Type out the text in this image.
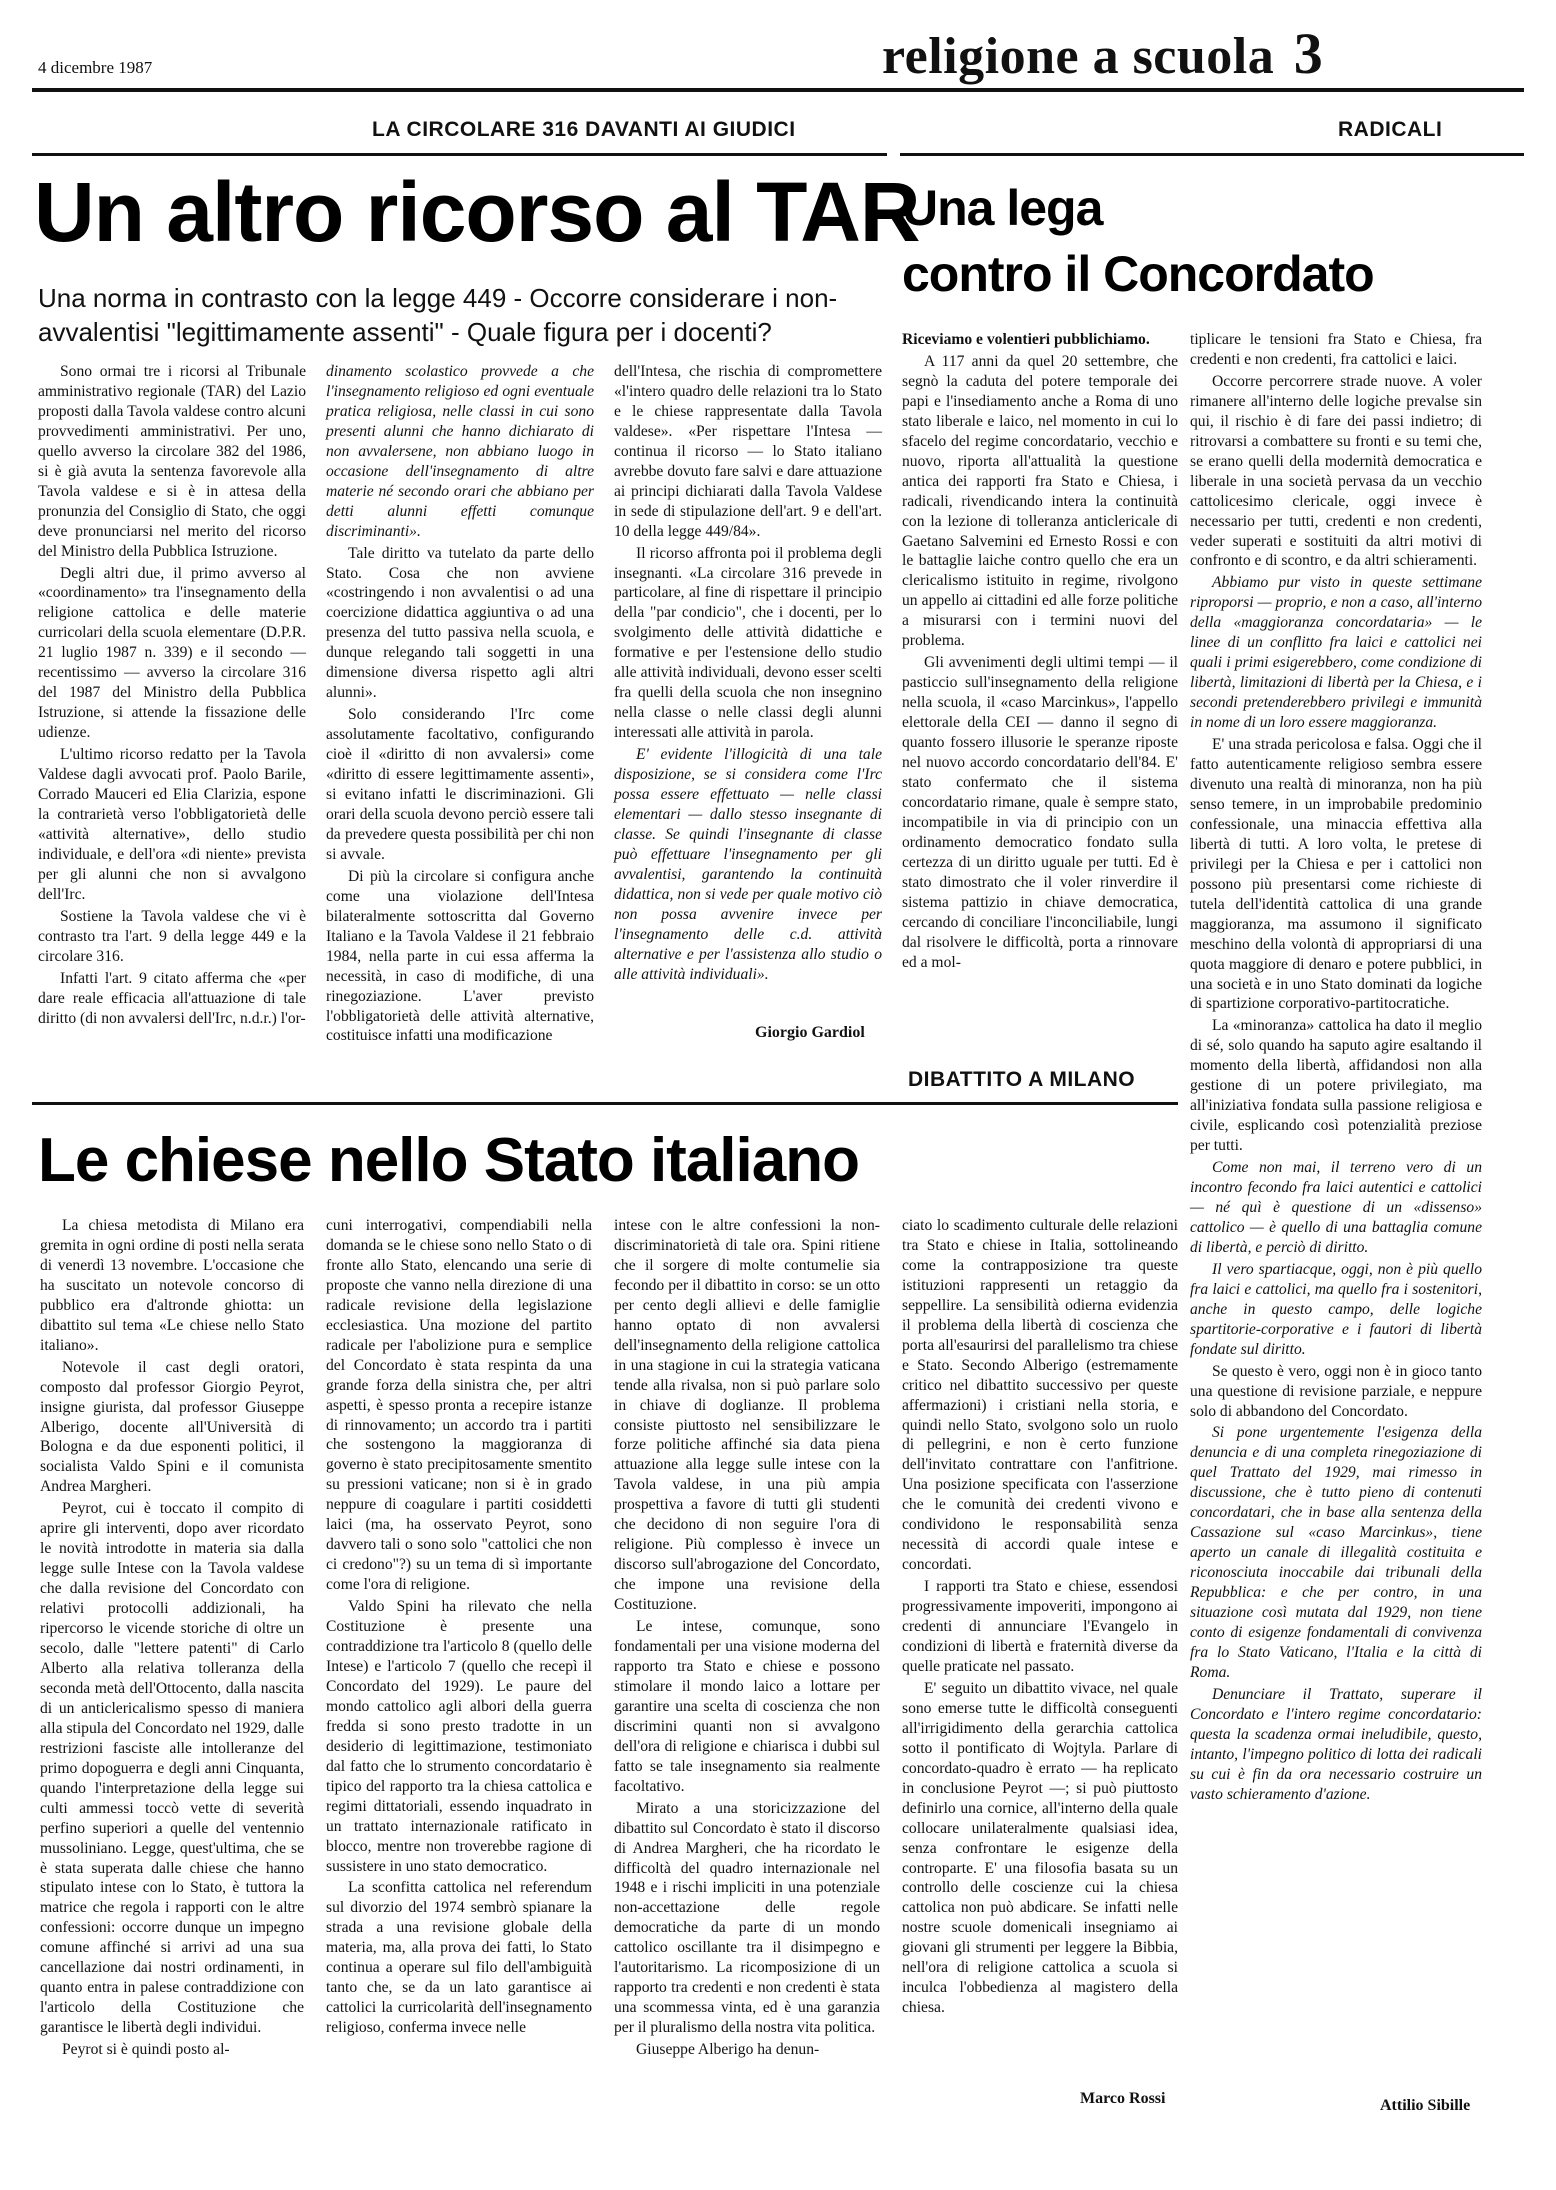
4 dicembre 1987	religione a scuola 3
LA CIRCOLARE 316 DAVANTI AI GIUDICI
Un altro ricorso al TAR
Una norma in contrasto con la legge 449 - Occorre considerare i non-avvalentisi "legittimamente assenti" - Quale figura per i docenti?

Sono ormai tre i ricorsi al Tribunale amministrativo regionale (TAR) del Lazio proposti dalla Tavola valdese contro alcuni provvedimenti amministrativi. Per uno, quello avverso la circolare 382 del 1986, si è già avuta la sentenza favorevole alla Tavola valdese e si è in attesa della pronunzia del Consiglio di Stato, che oggi deve pronunciarsi nel merito del ricorso del Ministro della Pubblica Istruzione.

Degli altri due, il primo avverso al «coordinamento» tra l'insegnamento della religione cattolica e delle materie curricolari della scuola elementare (D.P.R. 21 luglio 1987 n. 339) e il secondo — recentissimo — avverso la circolare 316 del 1987 del Ministro della Pubblica Istruzione, si attende la fissazione delle udienze.

L'ultimo ricorso redatto per la Tavola Valdese dagli avvocati prof. Paolo Barile, Corrado Mauceri ed Elia Clarizia, espone la contrarietà verso l'obbligatorietà delle «attività alternative», dello studio individuale, e dell'ora «di niente» prevista per gli alunni che non si avvalgono dell'Irc.

Sostiene la Tavola valdese che vi è contrasto tra l'art. 9 della legge 449 e la circolare 316.

Infatti l'art. 9 citato afferma che «per dare reale efficacia all'attuazione di tale diritto (di non avvalersi dell'Irc, n.d.r.) l'or-

dinamento scolastico provvede a che l'insegnamento religioso ed ogni eventuale pratica religiosa, nelle classi in cui sono presenti alunni che hanno dichiarato di non avvalersene, non abbiano luogo in occasione dell'insegnamento di altre materie né secondo orari che abbiano per detti alunni effetti comunque discriminanti».

Tale diritto va tutelato da parte dello Stato. Cosa che non avviene «costringendo i non avvalentisi o ad una coercizione didattica aggiuntiva o ad una presenza del tutto passiva nella scuola, e dunque relegando tali soggetti in una dimensione diversa rispetto agli altri alunni».

Solo considerando l'Irc come assolutamente facoltativo, configurando cioè il «diritto di non avvalersi» come «diritto di essere legittimamente assenti», si evitano infatti le discriminazioni. Gli orari della scuola devono perciò essere tali da prevedere questa possibilità per chi non si avvale.

Di più la circolare si configura anche come una violazione dell'Intesa bilateralmente sottoscritta dal Governo Italiano e la Tavola Valdese il 21 febbraio 1984, nella parte in cui essa afferma la necessità, in caso di modifiche, di una rinegoziazione. L'aver previsto l'obbligatorietà delle attività alternative, costituisce infatti una modificazione

dell'Intesa, che rischia di compromettere «l'intero quadro delle relazioni tra lo Stato e le chiese rappresentate dalla Tavola valdese». «Per rispettare l'Intesa — continua il ricorso — lo Stato italiano avrebbe dovuto fare salvi e dare attuazione ai principi dichiarati dalla Tavola Valdese in sede di stipulazione dell'art. 9 e dell'art. 10 della legge 449/84».

Il ricorso affronta poi il problema degli insegnanti. «La circolare 316 prevede in particolare, al fine di rispettare il principio della "par condicio", che i docenti, per lo svolgimento delle attività didattiche e formative e per l'estensione dello studio alle attività individuali, devono esser scelti fra quelli della scuola che non insegnino nella classe o nelle classi degli alunni interessati alle attività in parola.

E' evidente l'illogicità di una tale disposizione, se si considera come l'Irc possa essere effettuato — nelle classi elementari — dallo stesso insegnante di classe. Se quindi l'insegnante di classe può effettuare l'insegnamento per gli avvalentisi, garantendo la continuità didattica, non si vede per quale motivo ciò non possa avvenire invece per l'insegnamento delle c.d. attività alternative e per l'assistenza allo studio o alle attività individuali».

Giorgio Gardiol
RADICALI
Una lega
contro il Concordato

Riceviamo e volentieri pubblichiamo.

A 117 anni da quel 20 settembre, che segnò la caduta del potere temporale dei papi e l'insediamento anche a Roma di uno stato liberale e laico, nel momento in cui lo sfacelo del regime concordatario, vecchio e nuovo, riporta all'attualità la questione antica dei rapporti fra Stato e Chiesa, i radicali, rivendicando intera la continuità con la lezione di tolleranza anticlericale di Gaetano Salvemini ed Ernesto Rossi e con le battaglie laiche contro quello che era un clericalismo istituito in regime, rivolgono un appello ai cittadini ed alle forze politiche a misurarsi con i termini nuovi del problema.

Gli avvenimenti degli ultimi tempi — il pasticcio sull'insegnamento della religione nella scuola, il «caso Marcinkus», l'appello elettorale della CEI — danno il segno di quanto fossero illusorie le speranze riposte nel nuovo accordo concordatario dell'84. E' stato confermato che il sistema concordatario rimane, quale è sempre stato, incompatibile in via di principio con un ordinamento democratico fondato sulla certezza di un diritto uguale per tutti. Ed è stato dimostrato che il voler rinverdire il sistema pattizio in chiave democratica, cercando di conciliare l'inconciliabile, lungi dal risolvere le difficoltà, porta a rinnovare ed a mol-

tiplicare le tensioni fra Stato e Chiesa, fra credenti e non credenti, fra cattolici e laici.

Occorre percorrere strade nuove. A voler rimanere all'interno delle logiche prevalse sin qui, il rischio è di fare dei passi indietro; di ritrovarsi a combattere su fronti e su temi che, se erano quelli della modernità democratica e liberale in una società pervasa da un vecchio cattolicesimo clericale, oggi invece è necessario per tutti, credenti e non credenti, veder superati e sostituiti da altri motivi di confronto e di scontro, e da altri schieramenti.

Abbiamo pur visto in queste settimane riproporsi — proprio, e non a caso, all'interno della «maggioranza concordataria» — le linee di un conflitto fra laici e cattolici nei quali i primi esigerebbero, come condizione di libertà, limitazioni di libertà per la Chiesa, e i secondi pretenderebbero privilegi e immunità in nome di un loro essere maggioranza.

E' una strada pericolosa e falsa. Oggi che il fatto autenticamente religioso sembra essere divenuto una realtà di minoranza, non ha più senso temere, in un improbabile predominio confessionale, una minaccia effettiva alla libertà di tutti. A loro volta, le pretese di privilegi per la Chiesa e per i cattolici non possono più presentarsi come richieste di tutela dell'identità cattolica di una grande maggioranza, ma assumono il significato meschino della volontà di appropriarsi di una quota maggiore di denaro e potere pubblici, in una società e in uno Stato dominati da logiche di spartizione corporativo-partitocratiche.

La «minoranza» cattolica ha dato il meglio di sé, solo quando ha saputo agire esaltando il momento della libertà, affidandosi non alla gestione di un potere privilegiato, ma all'iniziativa fondata sulla passione religiosa e civile, esplicando così potenzialità preziose per tutti.

Come non mai, il terreno vero di un incontro fecondo fra laici autentici e cattolici — né quì è questione di un «dissenso» cattolico — è quello di una battaglia comune di libertà, e perciò di diritto.

Il vero spartiacque, oggi, non è più quello fra laici e cattolici, ma quello fra i sostenitori, anche in questo campo, delle logiche spartitorie-corporative e i fautori di libertà fondate sul diritto.

Se questo è vero, oggi non è in gioco tanto una questione di revisione parziale, e neppure solo di abbandono del Concordato.

Si pone urgentemente l'esigenza della denuncia e di una completa rinegoziazione di quel Trattato del 1929, mai rimesso in discussione, che è tutto pieno di contenuti concordatari, che in base alla sentenza della Cassazione sul «caso Marcinkus», tiene aperto un canale di illegalità costituita e riconosciuta inoccabile dai tribunali della Repubblica: e che per contro, in una situazione così mutata dal 1929, non tiene conto di esigenze fondamentali di convivenza fra lo Stato Vaticano, l'Italia e la città di Roma.

Denunciare il Trattato, superare il Concordato e l'intero regime concordatario: questa la scadenza ormai ineludibile, questo, intanto, l'impegno politico di lotta dei radicali su cui è fin da ora necessario costruire un vasto schieramento d'azione.

Attilio Sibille
DIBATTITO A MILANO
Le chiese nello Stato italiano

La chiesa metodista di Milano era gremita in ogni ordine di posti nella serata di venerdì 13 novembre. L'occasione che ha suscitato un notevole concorso di pubblico era d'altronde ghiotta: un dibattito sul tema «Le chiese nello Stato italiano».

Notevole il cast degli oratori, composto dal professor Giorgio Peyrot, insigne giurista, dal professor Giuseppe Alberigo, docente all'Università di Bologna e da due esponenti politici, il socialista Valdo Spini e il comunista Andrea Margheri.

Peyrot, cui è toccato il compito di aprire gli interventi, dopo aver ricordato le novità introdotte in materia sia dalla legge sulle Intese con la Tavola valdese che dalla revisione del Concordato con relativi protocolli addizionali, ha ripercorso le vicende storiche di oltre un secolo, dalle "lettere patenti" di Carlo Alberto alla relativa tolleranza della seconda metà dell'Ottocento, dalla nascita di un anticlericalismo spesso di maniera alla stipula del Concordato nel 1929, dalle restrizioni fasciste alle intolleranze del primo dopoguerra e degli anni Cinquanta, quando l'interpretazione della legge sui culti ammessi toccò vette di severità perfino superiori a quelle del ventennio mussoliniano. Legge, quest'ultima, che se è stata superata dalle chiese che hanno stipulato intese con lo Stato, è tuttora la matrice che regola i rapporti con le altre confessioni: occorre dunque un impegno comune affinché si arrivi ad una sua cancellazione dai nostri ordinamenti, in quanto entra in palese contraddizione con l'articolo della Costituzione che garantisce le libertà degli individui.

Peyrot si è quindi posto al-

cuni interrogativi, compendiabili nella domanda se le chiese sono nello Stato o di fronte allo Stato, elencando una serie di proposte che vanno nella direzione di una radicale revisione della legislazione ecclesiastica. Una mozione del partito radicale per l'abolizione pura e semplice del Concordato è stata respinta da una grande forza della sinistra che, per altri aspetti, è spesso pronta a recepire istanze di rinnovamento; un accordo tra i partiti che sostengono la maggioranza di governo è stato precipitosamente smentito su pressioni vaticane; non si è in grado neppure di coagulare i partiti cosiddetti laici (ma, ha osservato Peyrot, sono davvero tali o sono solo "cattolici che non ci credono"?) su un tema di sì importante come l'ora di religione.

Valdo Spini ha rilevato che nella Costituzione è presente una contraddizione tra l'articolo 8 (quello delle Intese) e l'articolo 7 (quello che recepì il Concordato del 1929). Le paure del mondo cattolico agli albori della guerra fredda si sono presto tradotte in un desiderio di legittimazione, testimoniato dal fatto che lo strumento concordatario è tipico del rapporto tra la chiesa cattolica e regimi dittatoriali, essendo inquadrato in un trattato internazionale ratificato in blocco, mentre non troverebbe ragione di sussistere in uno stato democratico.

La sconfitta cattolica nel referendum sul divorzio del 1974 sembrò spianare la strada a una revisione globale della materia, ma, alla prova dei fatti, lo Stato continua a operare sul filo dell'ambiguità tanto che, se da un lato garantisce ai cattolici la curricolarità dell'insegnamento religioso, conferma invece nelle

intese con le altre confessioni la non-discriminatorietà di tale ora. Spini ritiene che il sorgere di molte contumelie sia fecondo per il dibattito in corso: se un otto per cento degli allievi e delle famiglie hanno optato di non avvalersi dell'insegnamento della religione cattolica in una stagione in cui la strategia vaticana tende alla rivalsa, non si può parlare solo in chiave di doglianze. Il problema consiste piuttosto nel sensibilizzare le forze politiche affinché sia data piena attuazione alla legge sulle intese con la Tavola valdese, in una più ampia prospettiva a favore di tutti gli studenti che decidono di non seguire l'ora di religione. Più complesso è invece un discorso sull'abrogazione del Concordato, che impone una revisione della Costituzione.

Le intese, comunque, sono fondamentali per una visione moderna del rapporto tra Stato e chiese e possono stimolare il mondo laico a lottare per garantire una scelta di coscienza che non discrimini quanti non si avvalgono dell'ora di religione e chiarisca i dubbi sul fatto se tale insegnamento sia realmente facoltativo.

Mirato a una storicizzazione del dibattito sul Concordato è stato il discorso di Andrea Margheri, che ha ricordato le difficoltà del quadro internazionale nel 1948 e i rischi impliciti in una potenziale non-accettazione delle regole democratiche da parte di un mondo cattolico oscillante tra il disimpegno e l'autoritarismo. La ricomposizione di un rapporto tra credenti e non credenti è stata una scommessa vinta, ed è una garanzia per il pluralismo della nostra vita politica.

Giuseppe Alberigo ha denun-

ciato lo scadimento culturale delle relazioni tra Stato e chiese in Italia, sottolineando come la contrapposizione tra queste istituzioni rappresenti un retaggio da seppellire. La sensibilità odierna evidenzia il problema della libertà di coscienza che porta all'esaurirsi del parallelismo tra chiese e Stato. Secondo Alberigo (estremamente critico nel dibattito successivo per queste affermazioni) i cristiani nella storia, e quindi nello Stato, svolgono solo un ruolo di pellegrini, e non è certo funzione dell'invitato contrattare con l'anfitrione. Una posizione specificata con l'asserzione che le comunità dei credenti vivono e condividono le responsabilità senza necessità di accordi quale intese e concordati.

I rapporti tra Stato e chiese, essendosi progressivamente impoveriti, impongono ai credenti di annunciare l'Evangelo in condizioni di libertà e fraternità diverse da quelle praticate nel passato.

E' seguito un dibattito vivace, nel quale sono emerse tutte le difficoltà conseguenti all'irrigidimento della gerarchia cattolica sotto il pontificato di Wojtyla. Parlare di concordato-quadro è errato — ha replicato in conclusione Peyrot —; si può piuttosto definirlo una cornice, all'interno della quale collocare unilateralmente qualsiasi idea, senza confrontare le esigenze della controparte. E' una filosofia basata su un controllo delle coscienze cui la chiesa cattolica non può abdicare. Se infatti nelle nostre scuole domenicali insegniamo ai giovani gli strumenti per leggere la Bibbia, nell'ora di religione cattolica a scuola si inculca l'obbedienza al magistero della chiesa.

Marco Rossi
